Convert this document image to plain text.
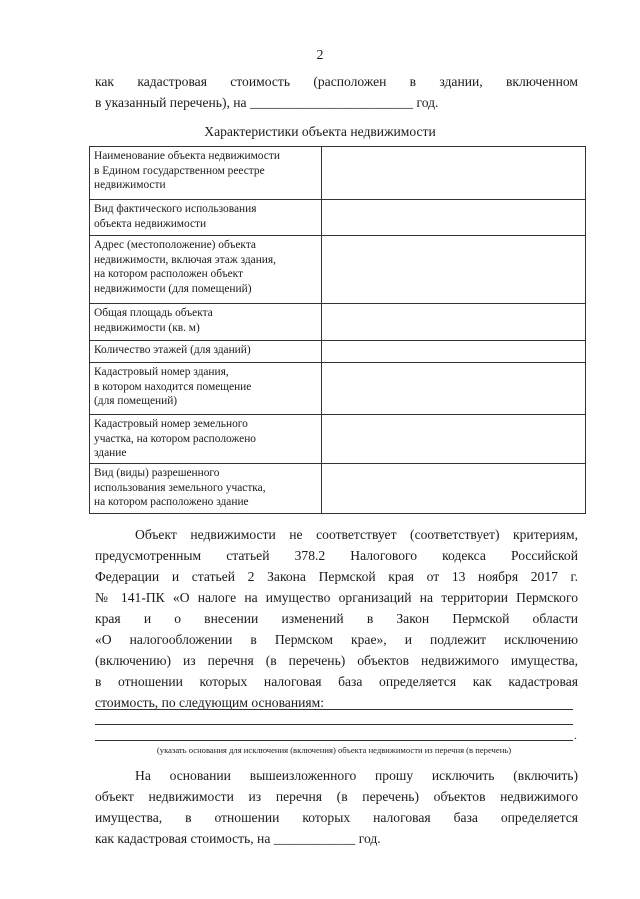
2

как кадастровая стоимость (расположен в здании, включенном
в указанный перечень), на ________________________ год.

Характеристики объекта недвижимости
Наименование объекта недвижимости
в Едином государственном реестре
недвижимости	

Вид фактического использования
объекта недвижимости	

Адрес (местоположение) объекта
недвижимости, включая этаж здания,
на котором расположен объект
недвижимости (для помещений)	

Общая площадь объекта
недвижимости (кв. м)	

Количество этажей (для зданий)	

Кадастровый номер здания,
в котором находится помещение
(для помещений)	

Кадастровый номер земельного
участка, на котором расположено
здание	

Вид (виды) разрешенного
использования земельного участка,
на котором расположено здание	

Объект недвижимости не соответствует (соответствует) критериям,
предусмотренным статьей 378.2 Налогового кодекса Российской
Федерации и статьей 2 Закона Пермской края от 13 ноября 2017 г.
№ 141-ПК «О налоге на имущество организаций на территории Пермского
края и о внесении изменений в Закон Пермской области
«О налогообложении в Пермском крае», и подлежит исключению
(включению) из перечня (в перечень) объектов недвижимого имущества,
в отношении которых налоговая база определяется как кадастровая
стоимость, по следующим основаниям:

.
(указать основания для исключения (включения) объекта недвижимости из перечня (в перечень)

На основании вышеизложенного прошу исключить (включить)
объект недвижимости из перечня (в перечень) объектов недвижимого
имущества, в отношении которых налоговая база определяется
как кадастровая стоимость, на ____________ год.
